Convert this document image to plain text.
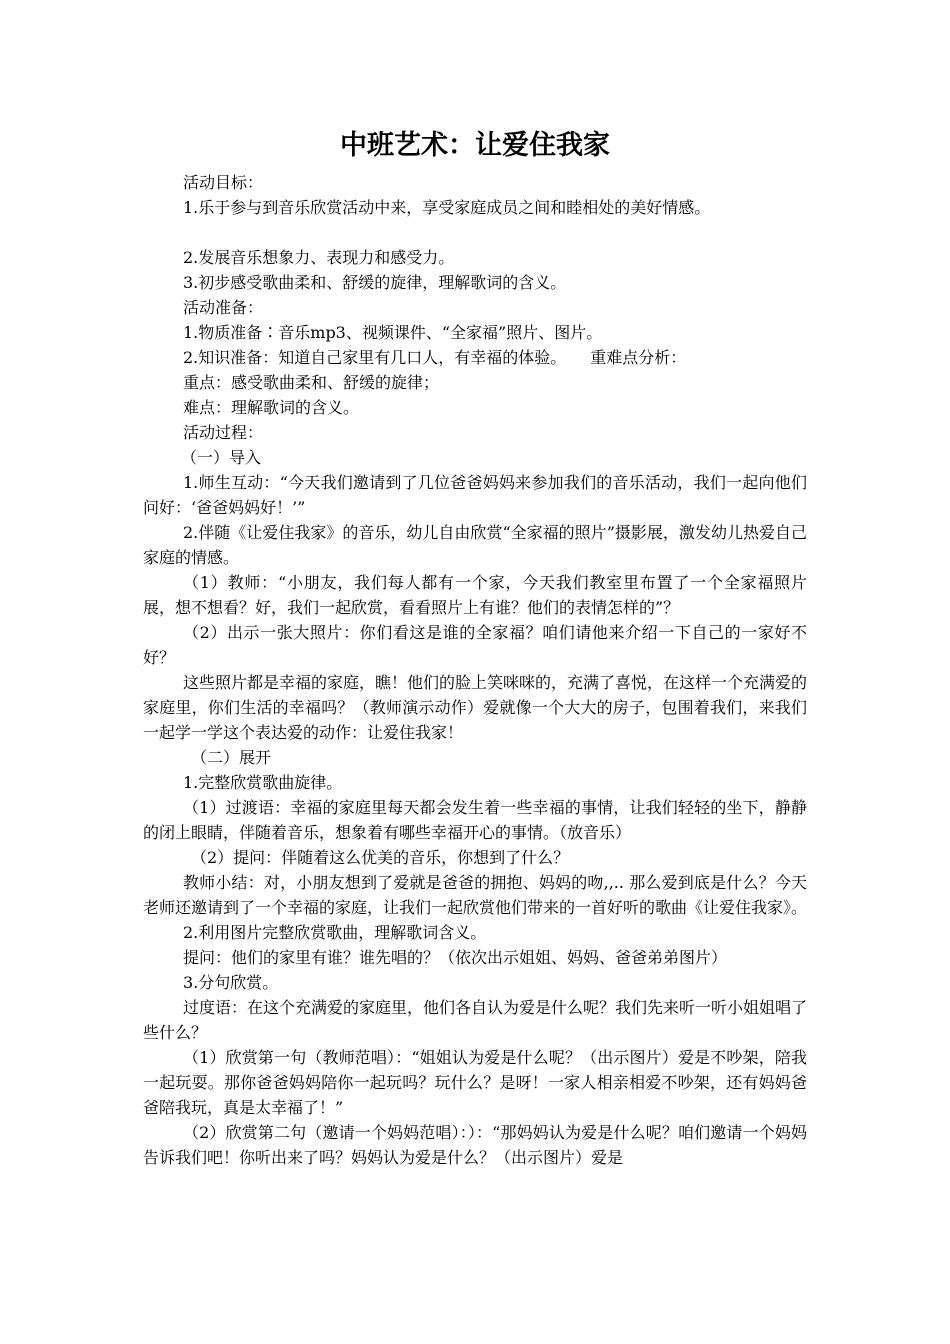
中班艺术：让爱住我家

活动目标：

1.乐于参与到音乐欣赏活动中来，享受家庭成员之间和睦相处的美好情感。

2.发展音乐想象力、表现力和感受力。

3.初步感受歌曲柔和、舒缓的旋律，理解歌词的含义。

活动准备：

1.物质准备∶音乐mp3、视频课件、“全家福”照片、图片。

2.知识准备：知道自己家里有几口人，有幸福的体验。　　重难点分析：

重点：感受歌曲柔和、舒缓的旋律；

难点：理解歌词的含义。

活动过程：

（一）导入

1.师生互动：“今天我们邀请到了几位爸爸妈妈来参加我们的音乐活动，我们一起向他们问好：‘爸爸妈妈好！’”

2.伴随《让爱住我家》的音乐，幼儿自由欣赏“全家福的照片”摄影展，激发幼儿热爱自己家庭的情感。

（1）教师：“小朋友，我们每人都有一个家，今天我们教室里布置了一个全家福照片展，想不想看？好，我们一起欣赏，看看照片上有谁？他们的表情怎样的”？

（2）出示一张大照片：你们看这是谁的全家福？咱们请他来介绍一下自己的一家好不好？

这些照片都是幸福的家庭，瞧！他们的脸上笑咪咪的，充满了喜悦，在这样一个充满爱的家庭里，你们生活的幸福吗？（教师演示动作）爱就像一个大大的房子，包围着我们，来我们一起学一学这个表达爱的动作：让爱住我家！

（二）展开

1.完整欣赏歌曲旋律。

（1）过渡语：幸福的家庭里每天都会发生着一些幸福的事情，让我们轻轻的坐下，静静的闭上眼睛，伴随着音乐，想象着有哪些幸福开心的事情。（放音乐）

（2）提问：伴随着这么优美的音乐，你想到了什么？

教师小结：对，小朋友想到了爱就是爸爸的拥抱、妈妈的吻,,.. 那么爱到底是什么？今天老师还邀请到了一个幸福的家庭，让我们一起欣赏他们带来的一首好听的歌曲《让爱住我家》。

2.利用图片完整欣赏歌曲，理解歌词含义。

提问：他们的家里有谁？谁先唱的？（依次出示姐姐、妈妈、爸爸弟弟图片）

3.分句欣赏。

过度语：在这个充满爱的家庭里，他们各自认为爱是什么呢？我们先来听一听小姐姐唱了些什么？

（1）欣赏第一句（教师范唱）：“姐姐认为爱是什么呢？（出示图片）爱是不吵架，陪我一起玩耍。那你爸爸妈妈陪你一起玩吗？玩什么？是呀！一家人相亲相爱不吵架，还有妈妈爸爸陪我玩，真是太幸福了！”

（2）欣赏第二句（邀请一个妈妈范唱）：）：“那妈妈认为爱是什么呢？咱们邀请一个妈妈告诉我们吧！你听出来了吗？妈妈认为爱是什么？（出示图片）爱是
